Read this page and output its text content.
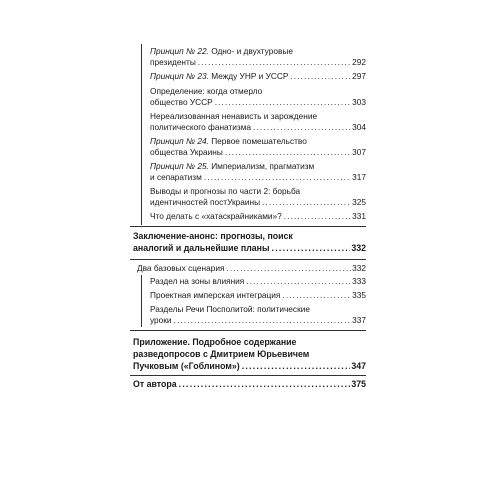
Принцип № 22. Одно- и двухтуровые
президенты . . .	292
Принцип № 23. Между УНР и УССР . . .	297
Определение: когда отмерло
общество УССР . . .	303
Нереализованная ненависть и зарождение
политического фанатизма . . .	304
Принцип № 24. Первое помешательство
общества Украины . . .	307
Принцип № 25. Империализм, прагматизм
и сепаратизм . . .	317
Выводы и прогнозы по части 2: борьба
идентичностей постУкраины . . .	325
Что делать с «хатаскрайниками»? . . .	331
Заключение-анонс: прогнозы, поиск
аналогий и дальнейшие планы . . .	332
Два базовых сценария . . .	332
Раздел на зоны влияния . . .	333
Проектная имперская интеграция . . .	335
Разделы Речи Посполитой: политические
уроки . . .	337
Приложение. Подробное содержание
разведопросов с Дмитрием Юрьевичем
Пучковым («Гоблином») . . .	347
От автора . . .	375
